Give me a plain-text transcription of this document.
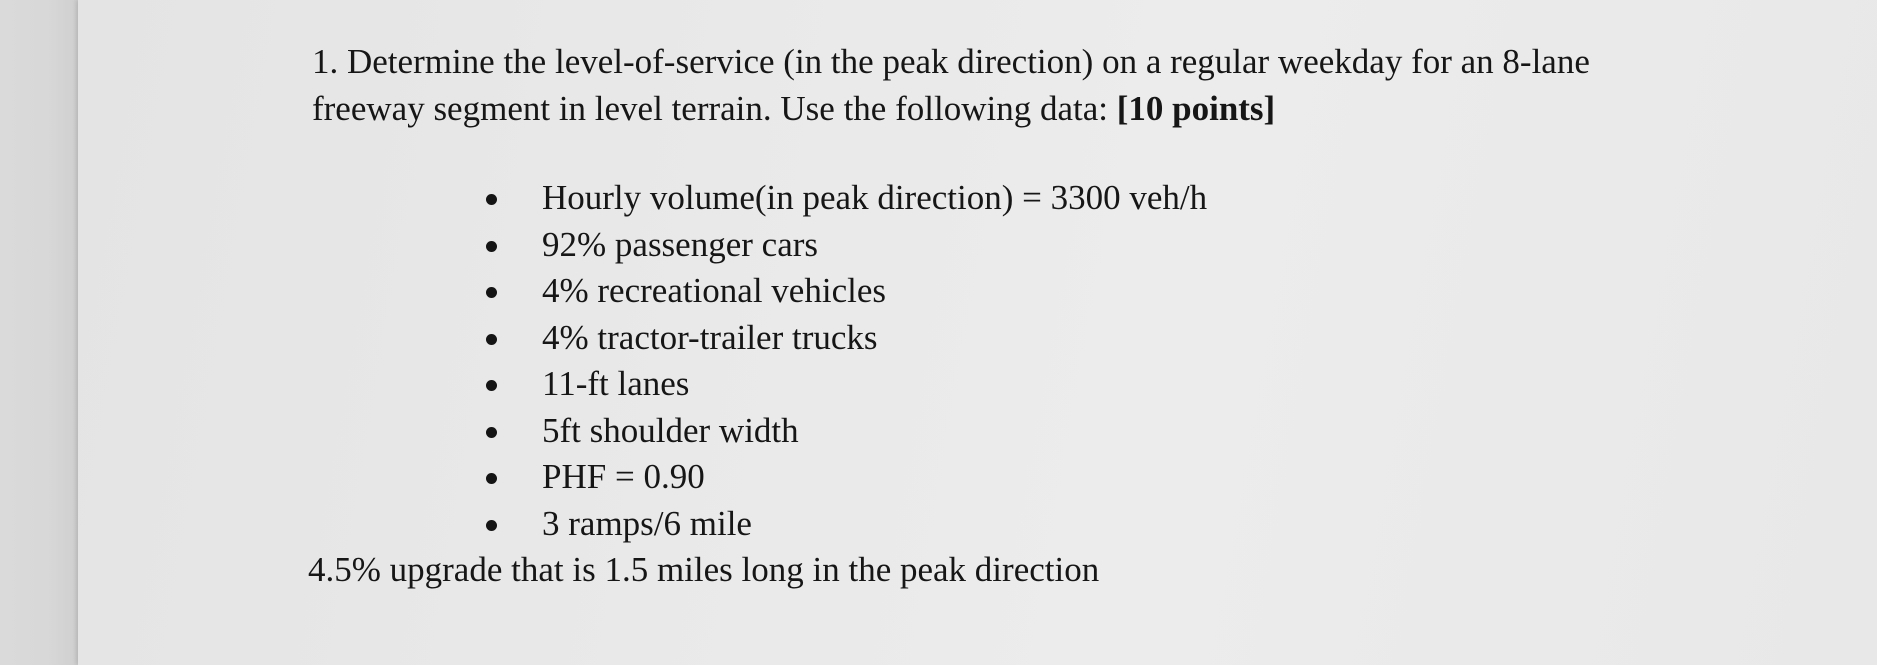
1. Determine the level-of-service (in the peak direction) on a regular weekday for an 8-lane
freeway segment in level terrain. Use the following data: [10 points]
Hourly volume(in peak direction) = 3300 veh/h
92% passenger cars
4% recreational vehicles
4% tractor-trailer trucks
11-ft lanes
5ft shoulder width
PHF = 0.90
3 ramps/6 mile
4.5% upgrade that is 1.5 miles long in the peak direction
